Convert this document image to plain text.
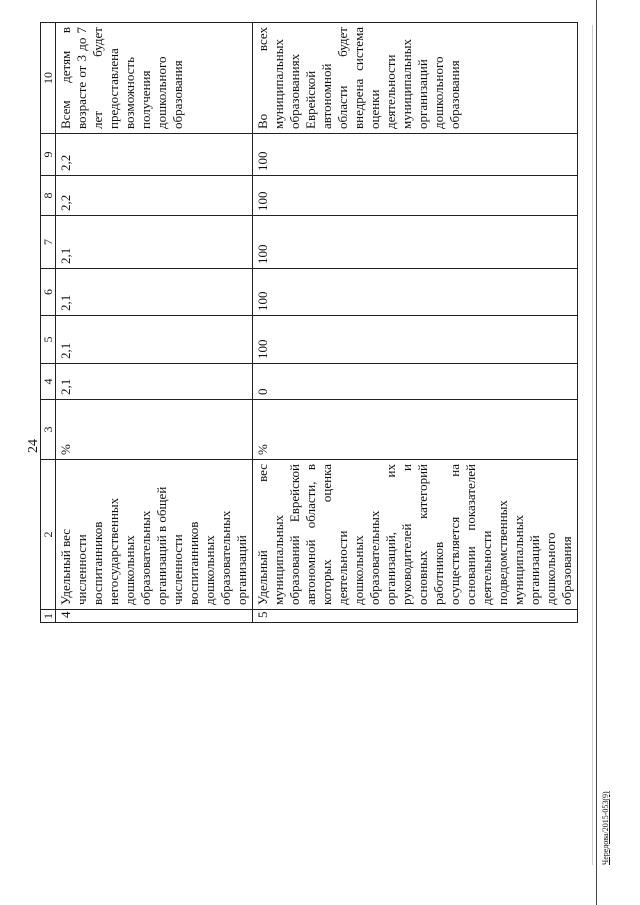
24
1	2	3	4	5	6	7	8	9	10
4	Удельный вес численности воспитанников негосударственных дошкольных образовательных организаций в общей численности воспитанников дошкольных образовательных организаций	%	2,1	2,1	2,1	2,1	2,2	2,2	Всем детям в возрасте от 3 до 7 лет будет предоставлена возможность получения дошкольного образования
5	Удельный вес муниципальных образований Еврейской автономной области, в которых оценка деятельности дошкольных образовательных организаций, их руководителей и основных категорий работников осуществляется на основании показателей деятельности подведомственных муниципальных организаций дошкольного образования	%	0	100	100	100	100	100	Во всех муниципальных образованиях Еврейской автономной области будет внедрена система оценки деятельности муниципальных организаций дошкольного образования
Чередова/2015-053(9)
